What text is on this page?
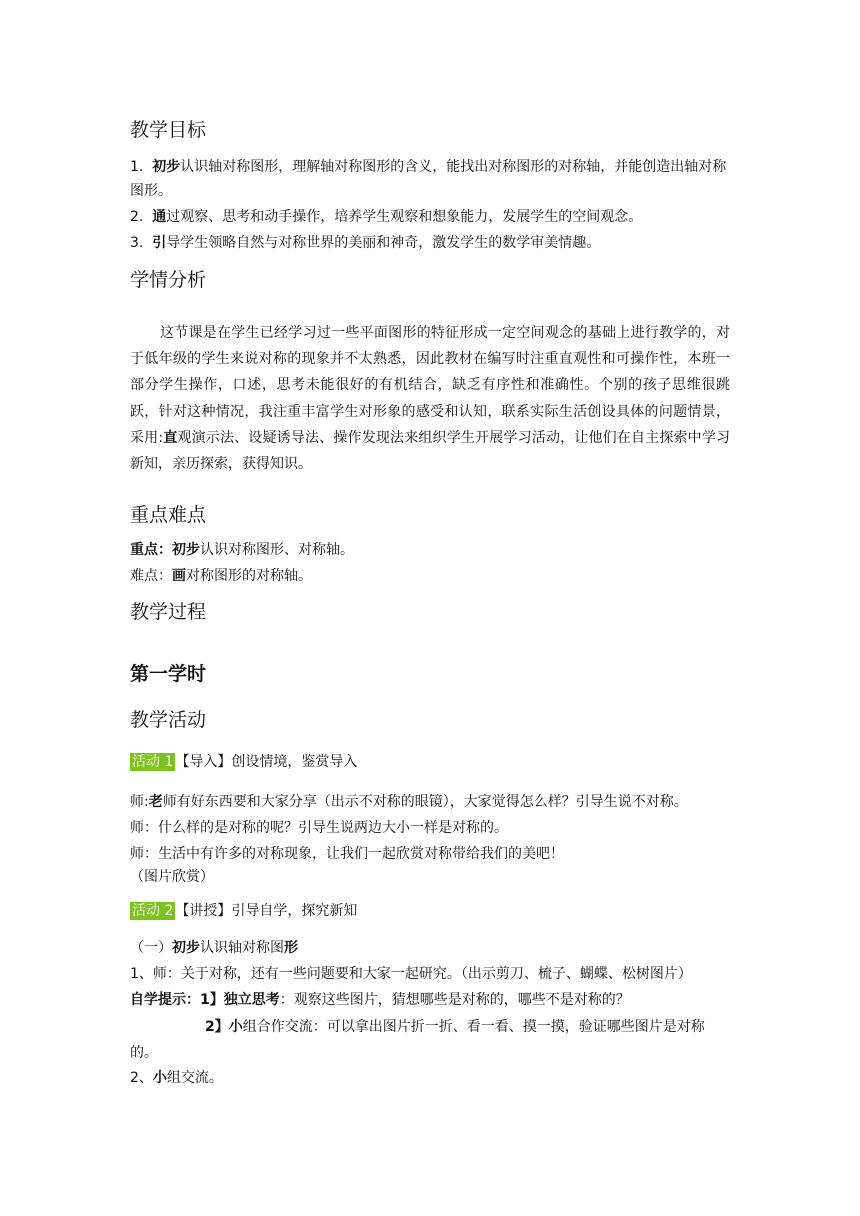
教学目标
1. 初步认识轴对称图形，理解轴对称图形的含义，能找出对称图形的对称轴，并能创造出轴对称图形。
2. 通过观察、思考和动手操作，培养学生观察和想象能力，发展学生的空间观念。
3. 引导学生领略自然与对称世界的美丽和神奇，激发学生的数学审美情趣。
学情分析
这节课是在学生已经学习过一些平面图形的特征形成一定空间观念的基础上进行教学的，对于低年级的学生来说对称的现象并不太熟悉，因此教材在编写时注重直观性和可操作性，本班一部分学生操作，口述，思考未能很好的有机结合，缺乏有序性和准确性。个别的孩子思维很跳跃，针对这种情况，我注重丰富学生对形象的感受和认知，联系实际生活创设具体的问题情景，采用:直观演示法、设疑诱导法、操作发现法来组织学生开展学习活动，让他们在自主探索中学习新知，亲历探索，获得知识。
重点难点
重点：初步认识对称图形、对称轴。
难点：画对称图形的对称轴。
教学过程
第一学时
教学活动
活动 1 【导入】创设情境，鉴赏导入
师:老师有好东西要和大家分享（出示不对称的眼镜），大家觉得怎么样？引导生说不对称。
师：什么样的是对称的呢？引导生说两边大小一样是对称的。
师：生活中有许多的对称现象，让我们一起欣赏对称带给我们的美吧！
（图片欣赏）
活动 2 【讲授】引导自学，探究新知
（一）初步认识轴对称图形
1、师：关于对称，还有一些问题要和大家一起研究。（出示剪刀、梳子、蝴蝶、松树图片）
自学提示：1】独立思考：观察这些图片，猜想哪些是对称的，哪些不是对称的？
2】小组合作交流：可以拿出图片折一折、看一看、摸一摸，验证哪些图片是对称的。
2、小组交流。
